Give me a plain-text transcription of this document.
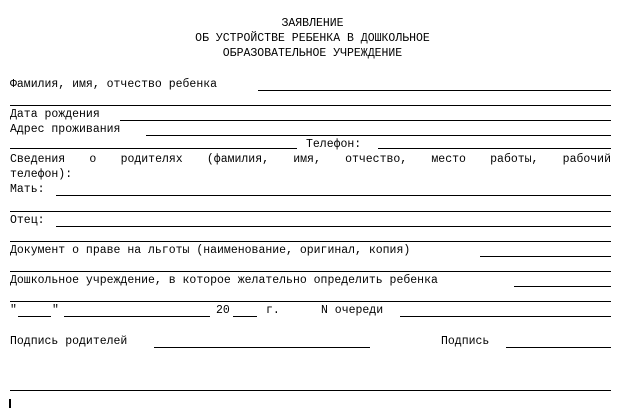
ЗАЯВЛЕНИЕ
ОБ УСТРОЙСТВЕ РЕБЕНКА В ДОШКОЛЬНОЕ
ОБРАЗОВАТЕЛЬНОЕ УЧРЕЖДЕНИЕ
Фамилия, имя, отчество ребенка
Дата рождения
Адрес проживания
Телефон:
Сведения о родителях (фамилия, имя, отчество, место работы, рабочий
телефон):
Мать:
Отец:
Документ о праве на льготы (наименование, оригинал, копия)
Дошкольное учреждение, в которое желательно определить ребенка
"	"	20	г.	N очереди
Подпись родителей	Подпись
